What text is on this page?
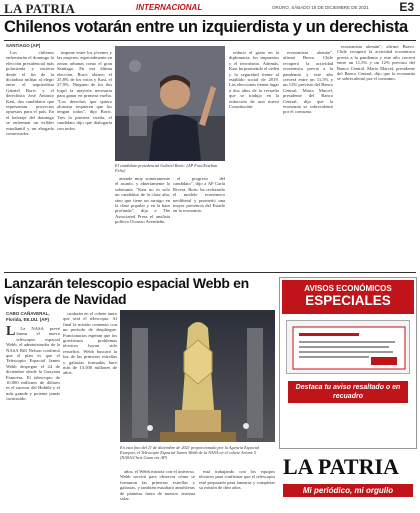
LA PATRIA	INTERNACIONAL	ORURO, SÁBADO 18 DE DICIEMBRE DE 2021	E3
Chilenos votarán entre un izquierdista y un derechista
SANTIAGO (AP)

Los chilenos enfrentarán el domingo la elección presidencial más polarizada y incierta desde el fin de la dictadura militar al elegir entre el izquierdista Gabriel Boric y el derechista José Antonio Kast, dos candidatos que representan proyectos opuestos para el país. En el balotaje del domingo se enfrentan un exlíder estudiantil y un abogado conservador.

impone entre los jóvenes y las mujeres, especialmente en zonas urbanas como el gran Santiago. En esa última elección, Boric obtuvo el 25,8% de los votos y Kast, el 27,9%. Ninguno de los dos logró la mayoría necesaria para ganar en primera vuelta. "Los derechos que quiero alcanzar requieren que los tengan todos", dijo Boric. Tres la primera vuelta, el candidato dijo que dialogaría con todos.

El candidato presidencial Gabriel Boric. (AP Foto/Esteban Felix)

atiende muy someramente el asunto, y abiertamente la soberanía. "Kast no es solo un candidato de la clase alta, sino que tiene un arraigo en la clase popular y en la base profunda", dijo a The Associated Press el analista político Octavio Avendaño.

el progreso del candidato", dijo a AP Carla Rivera. Boric ha rechazado el modelo económico neoliberal y prometió una mayor presencia del Estado en la economía.

reducir el gasto en la diplomacia, los impuestos y el terrorismo. Además, Kast ha prometido el orden y la seguridad frente al estallido social de 2019. Las elecciones tienen lugar a dos años de la revuelta que se tradujo en la redacción de una nueva Constitución.

economista alemán", afirmó Bravo. Chile recuperó la actividad económica previa a la pandemia y este año crecerá entre un 11,5% y un 12% previsto del Banco Central. Mario Marcel, presidente del Banco Central, dijo que la economía se sobrecalentó por el consumo.

economista alemán", afirmó Bravo. Chile recuperó la actividad económica previa a la pandemia y este año crecerá entre un 11,5% y un 12% previsto del Banco Central. Mario Marcel, presidente del Banco Central, dijo que la economía se sobrecalentó por el consumo.

Lanzarán telescopio espacial Webb en
víspera de Navidad
CABO CAÑAVERAL, Florida, EE.UU. (AP)
L	La NASA prevé lanzar el nuevo telescopio espacial Webb, el administrador de la NASA Bill Nelson confirmó que el plan es que el Telescopio Espacial James Webb despegue el 24 de diciembre desde la Guayana Francesa. El telescopio de 10.000 millones de dólares es el sucesor del Hubble y el más grande y potente jamás construido.

cuidarán en el cohete tanto que será el telescopio. Al final la misión comenzó con un período de despliegue. Funcionarios esperan que los gravísimos problemas técnicos hayan sido resueltos. Webb buscará la luz de las primeras estrellas y galaxias formadas hace más de 13.500 millones de años.

En esta foto del 11 de diciembre de 2021 proporcionada por la Agencia Espacial Europea, el Telescopio Espacial James Webb de la NASA en el cohete Ariane 5 (NASA/Chris Gunn vía AP)

años, el Webb miraría con el universo. Webb servirá para observar cómo se formaron las primeras estrellas y galaxias, y también estudiará atmósferas de planetas fuera de nuestro sistema solar.

está trabajando con los equipos técnicos para confirmar que el telescopio esté preparado para lanzarse y completar su misión de diez años.

AVISOS ECONÓMICOS
ESPECIALES
Destaca tu aviso resaltado o en recuadro
LA PATRIA
Mi periódico, mi orgullo
